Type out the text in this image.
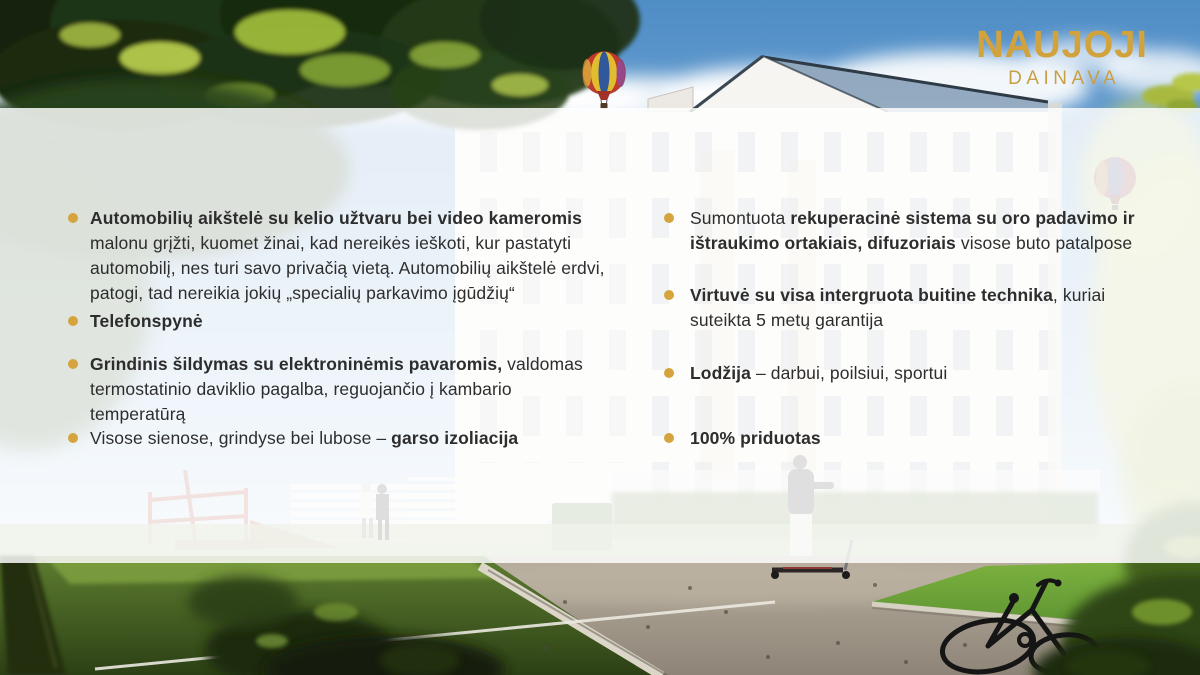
NAUJOJI
DAINAVA

Automobilių aikštelė su kelio užtvaru bei video kameromis malonu grįžti, kuomet žinai, kad nereikės ieškoti, kur pastatyti automobilį, nes turi savo privačią vietą. Automobilių aikštelė erdvi, patogi, tad nereikia jokių „specialių parkavimo įgūdžių“

Telefonspynė

Grindinis šildymas su elektroninėmis pavaromis, valdomas termostatinio daviklio pagalba, reguojančio į kambario temperatūrą

Visose sienose, grindyse bei lubose – garso izoliacija

Sumontuota rekuperacinė sistema su oro padavimo ir ištraukimo ortakiais, difuzoriais visose buto patalpose

Virtuvė su visa intergruota buitine technika, kuriai suteikta 5 metų garantija

Lodžija – darbui, poilsiui, sportui

100% priduotas
